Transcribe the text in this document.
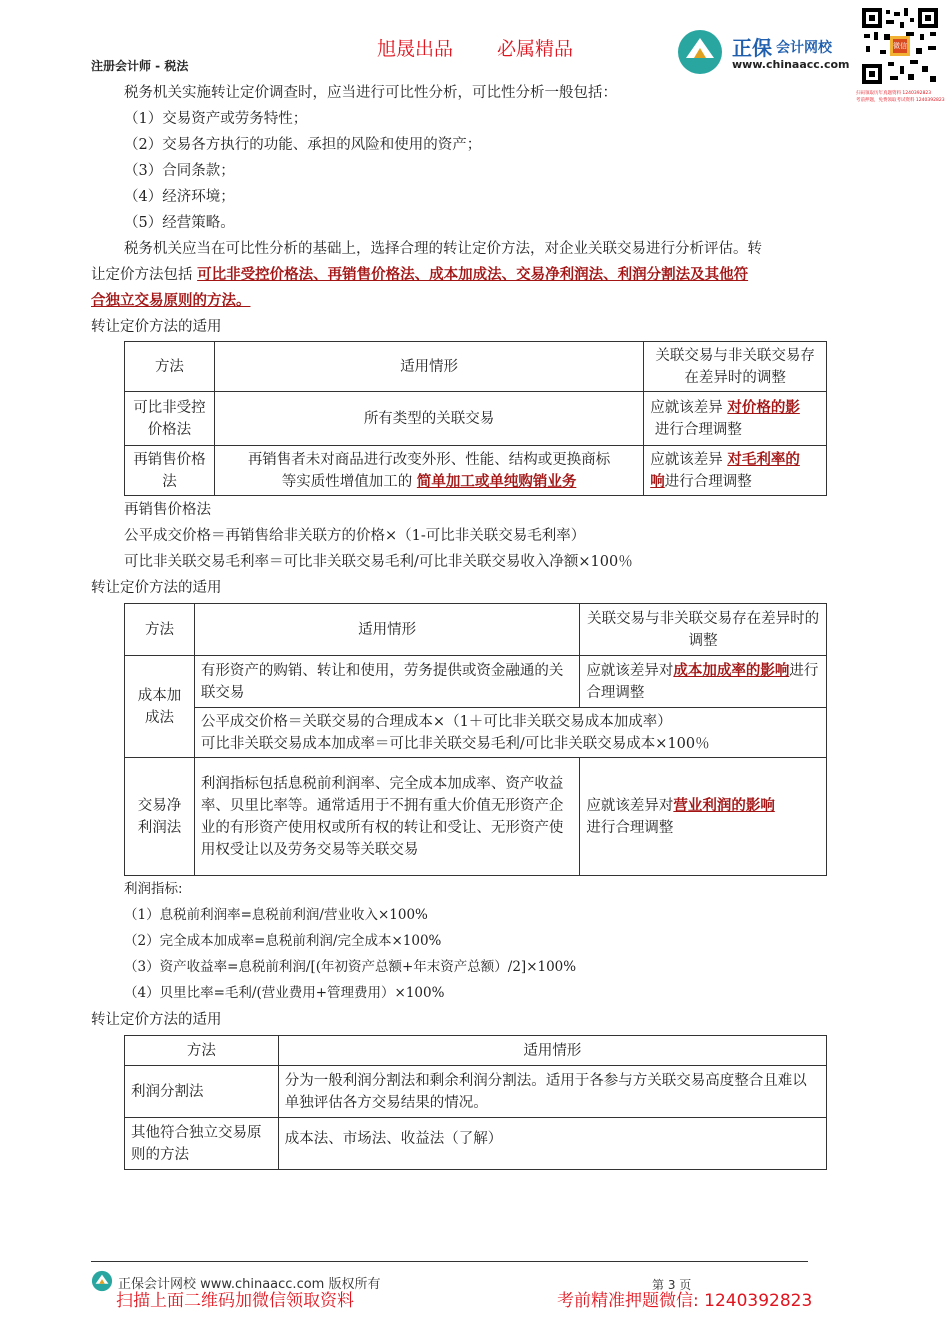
旭晟出品 必属精品
注册会计师 - 税法
正保 会计网校
www.chinaacc.com
微信
扫码领取历年真题资料 1240392823
考前押题，免费领取考试资料 1240392823
税务机关实施转让定价调查时，应当进行可比性分析，可比性分析一般包括：
（1）交易资产或劳务特性；
（2）交易各方执行的功能、承担的风险和使用的资产；
（3）合同条款；
（4）经济环境；
（5）经营策略。
税务机关应当在可比性分析的基础上，选择合理的转让定价方法，对企业关联交易进行分析评估。转
让定价方法包括 可比非受控价格法、再销售价格法、成本加成法、交易净利润法、利润分割法及其他符
合独立交易原则的方法。
转让定价方法的适用
方法	适用情形	关联交易与非关联交易存在差异时的调整
可比非受控价格法	所有类型的关联交易	应就该差异 对价格的影
进行合理调整
再销售价格法	再销售者未对商品进行改变外形、性能、结构或更换商标
等实质性增值加工的 简单加工或单纯购销业务	应就该差异 对毛利率的
响进行合理调整
再销售价格法
公平成交价格＝再销售给非关联方的价格×（1-可比非关联交易毛利率）
可比非关联交易毛利率＝可比非关联交易毛利/可比非关联交易收入净额×100％
转让定价方法的适用
方法	适用情形	关联交易与非关联交易存在差异时的调整
成本加成法	有形资产的购销、转让和使用，劳务提供或资金融通的关联交易	应就该差异对成本加成率的影响进行合理调整
	公平成交价格＝关联交易的合理成本×（1＋可比非关联交易成本加成率）
可比非关联交易成本加成率＝可比非关联交易毛利/可比非关联交易成本×100％	
交易净利润法	利润指标包括息税前利润率、完全成本加成率、资产收益率、贝里比率等。通常适用于不拥有重大价值无形资产企业的有形资产使用权或所有权的转让和受让、无形资产使用权受让以及劳务交易等关联交易	应就该差异对营业利润的影响
进行合理调整
利润指标:
（1）息税前利润率=息税前利润/营业收入×100%
（2）完全成本加成率=息税前利润/完全成本×100%
（3）资产收益率=息税前利润/[(年初资产总额+年末资产总额）/2]×100%
（4）贝里比率=毛利/(营业费用+管理费用）×100%
转让定价方法的适用
方法	适用情形
利润分割法	分为一般利润分割法和剩余利润分割法。适用于各参与方关联交易高度整合且难以单独评估各方交易结果的情况。
其他符合独立交易原则的方法	成本法、市场法、收益法（了解）
正保会计网校 www.chinaacc.com 版权所有	第 3 页
扫描上面二维码加微信领取资料	考前精准押题微信: 1240392823
